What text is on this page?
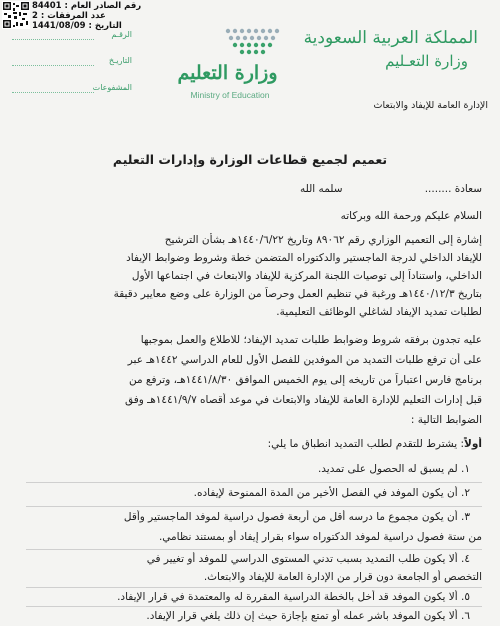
رقم الصادر العام : 84401
عدد المرفقات : 2
التاريخ : 1441/08/09
الرقـم
التاريـخ
المشفوعات
وزارة التعليم
Ministry of Education
المملكة العربية السعودية
وزارة التعـليم
الإدارة العامة للإيفاد والابتعاث
تعميم لجميع قطاعات الوزارة وإدارات التعليم
سعادة ........
سلمه الله
السلام عليكم ورحمة الله وبركاته
إشارة إلى التعميم الوزاري رقم ٨٩٠٦٢ وتاريخ ١٤٤٠/٦/٢٢هـ بشأن الترشيح
للإيفاد الداخلي لدرجة الماجستير والدكتوراه المتضمن خطة وشروط وضوابط الإيفاد
الداخلي، واستناداً إلى توصيات اللجنة المركزية للإيفاد والابتعاث في اجتماعها الأول
بتاريخ ١٤٤٠/١٢/٣هـ ورغبة في تنظيم العمل وحرصاً من الوزارة على وضع معايير دقيقة
لطلبات تمديد الإيفاد لشاغلي الوظائف التعليمية.
عليه تجدون برفقه شروط وضوابط طلبات تمديد الإيفاد؛ للاطلاع والعمل بموجبها
على أن ترفع طلبات التمديد من الموفدين للفصل الأول للعام الدراسي ١٤٤٢هـ عبر
برنامج فارس اعتباراً من تاريخه إلى يوم الخميس الموافق ١٤٤١/٨/٣٠هـ، وترفع من
قبل إدارات التعليم للإدارة العامة للإيفاد والابتعاث في موعد أقصاه ١٤٤١/٩/٧هـ وفق
الضوابط التالية :
أولاً: يشترط للتقدم لطلب التمديد انطباق ما يلي:
١. لم يسبق له الحصول على تمديد.
٢. أن يكون الموفد في الفصل الأخير من المدة الممنوحة لإيفاده.
٣. أن يكون مجموع ما درسه أقل من أربعة فصول دراسية لموفد الماجستير وأقل
من ستة فصول دراسية لموفد الدكتوراه سواء بقرار إيفاد أو بمستند نظامي.
٤. ألا يكون طلب التمديد بسبب تدني المستوى الدراسي للموفد أو تغيير في
التخصص أو الجامعة دون قرار من الإدارة العامة للإيفاد والابتعاث.
٥. ألا يكون الموفد قد أخل بالخطة الدراسية المقررة له والمعتمدة في قرار الإيفاد.
٦. ألا يكون الموفد باشر عمله أو تمتع بإجازة حيث إن ذلك يلغي قرار الإيفاد.
